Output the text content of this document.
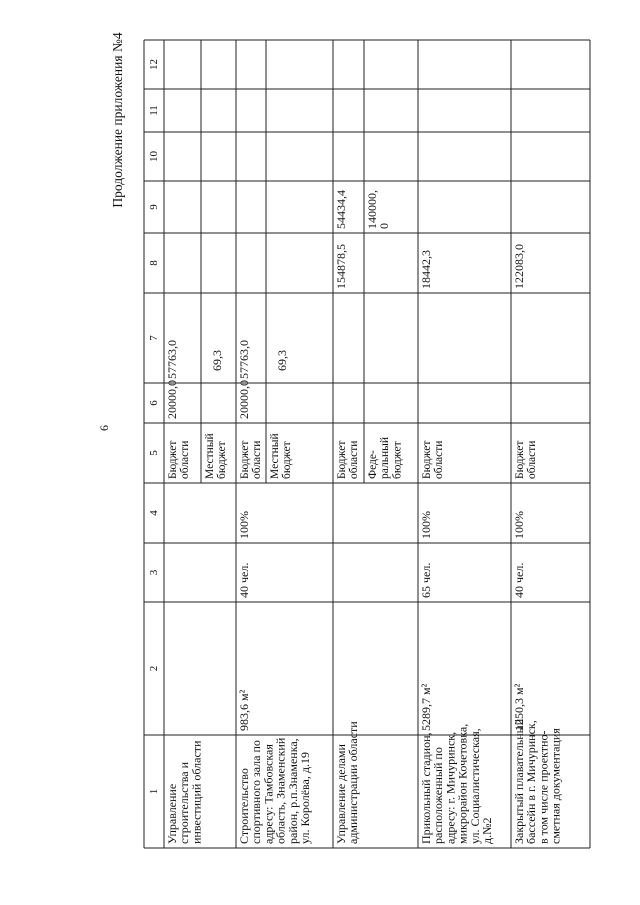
6
Продолжение приложения №4
1
2
3
4
5
6
7
8
9
10
11
12
Управление
строительства и
инвестиций области
Бюджет области
20000,0
57763,0
Местный бюджет
69,3
Строительство
спортивного зала по
адресу: Тамбовская
область, Знаменский
район, р.п.Знаменка,
ул. Королёва, д.19
983,6 м²
40 чел.
100%
Бюджет области
20000,0
57763,0
Местный бюджет
69,3
Управление делами
администрации области
Бюджет области
154878,5
54434,4
Феде- ральный бюджет
140000,
0
Прикольный стадион,
расположенный по
адресу: г. Мичуринск,
микрорайон Кочетовка,
ул. Социалистическая,
д.№2
5289,7 м²
65 чел.
100%
Бюджет области
18442,3
Закрытый плавательный
бассейн в г. Мичуринск,
в том числе проектно-
сметная документация
1250,3 м²
40 чел.
100%
Бюджет области
122083,0
